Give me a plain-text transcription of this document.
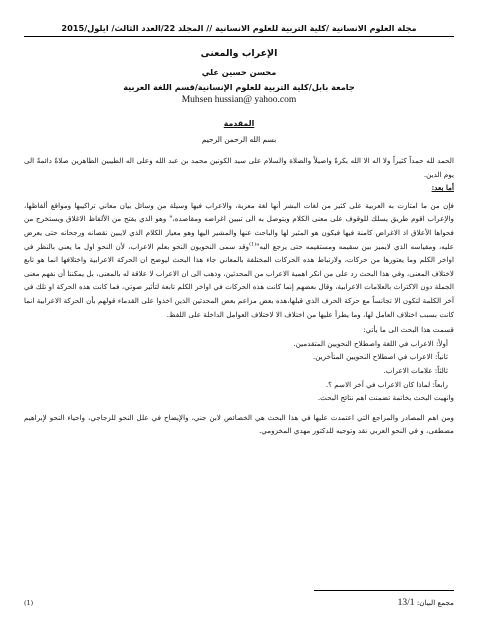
مجلة العلوم الانسانية /كلية التربية للعلوم الانسانية // المجلد 22/العدد الثالث/ ايلول/2015
الإعراب والمعنى
محسن حسين علي
جامعة بابل/كلية التربية للعلوم الإنسانية/قسم اللغة العربية
Muhsen hussian@ yahoo.com
المقدمة
بسم الله الرحمن الرحيم

الحمد لله حمداً كثيراً ولا اله الا الله بكرةً واصيلاً والصلاة والسلام على سيد الكونين محمد بن عبد الله وعلى اله الطيبين الطاهرين صلاةً دائمةً الى يوم الدين.

أما بعد:

فإن من ما امتازت به العربية على كثير من لغات البشر أنها لغة معربة، والاعراب فيها وسيلة من وسائل بيان معاني تراكيبها ومواقع ألفاظها، والإعراب اقوم طريق يسلك للوقوف على معنى الكلام ويتوصل به الى تبيين اغراضه ومقاصده،" وهو الذي يفتح من الألفاظ الاغلاق ويستخرج من فحواها الأعلاق اذ الاغراض كامنة فيها فيكون هو المثير لها والباحث عنها والمشير اليها وهو معيار الكلام الذي لايبين نقصانه ورجحانه حتى يعرض عليه، ومقياسه الذي لايميز بين سقيمه ومستقيمه حتى يرجع اليه"$^{(1)}$وقد سمى النحويون النحو بعلم الاعراب، لأن النحو اول ما يعني بالنظر في اواخر الكلم وما يعتورها من حركات، ولارتباط هذه الحركات المختلفة بالمعاني جاء هذا البحث ليوضح ان الحركة الاعرابية واختلافها انما هو تابع لاختلاف المعنى، وفي هذا البحث رد على من انكر اهمية الاعراب من المحدثين، وذهب الى ان الاعراب لا علاقة له بالمعنى، بل يمكننا أن نفهم معنى الجملة دون الاكتراث بالعلامات الاعرابية، وقال بعضهم إنما كانت هذه الحركات في اواخر الكلم تابعة لتأثير صوتي، فما كانت هذه الحركة او تلك في آخر الكلمة لتكون الا تجانساً مع حركة الحرف الذي قبلها،هذه بعض مزاعم بعض المحدثين الذين اخذوا على القدماء قولهم بأن الحركة الاعرابية انما كانت بسبب اختلاف العامل لها، وما يطرأ عليها من اختلاف الا لاختلاف العوامل الداخلة على اللفظ.

قسمت هذا البحث الى ما يأتي:

أولاً: الاعراب في اللغة واصطلاح النحويين المتقدمين.

ثانياً: الاعراب في اصطلاح النحويين المتأخرين.

ثالثاً: علامات الاعراب.

رابعاً: لماذا كان الاعراب في آخر الاسم ؟.

وانهيت البحث بخاتمة تضمنت اهم نتائج البحث.

ومن اهم المصادر والمراجع التي اعتمدت عليها في هذا البحث هي الخصائص لابن جني، والإيضاح في علل النحو للزجاجي، واحياء النحو لإبراهيم مصطفى، و في النحو العربي نقد وتوجيه للدكتور مهدي المخزومي.

مجمع البيان: 13/1
(1)
